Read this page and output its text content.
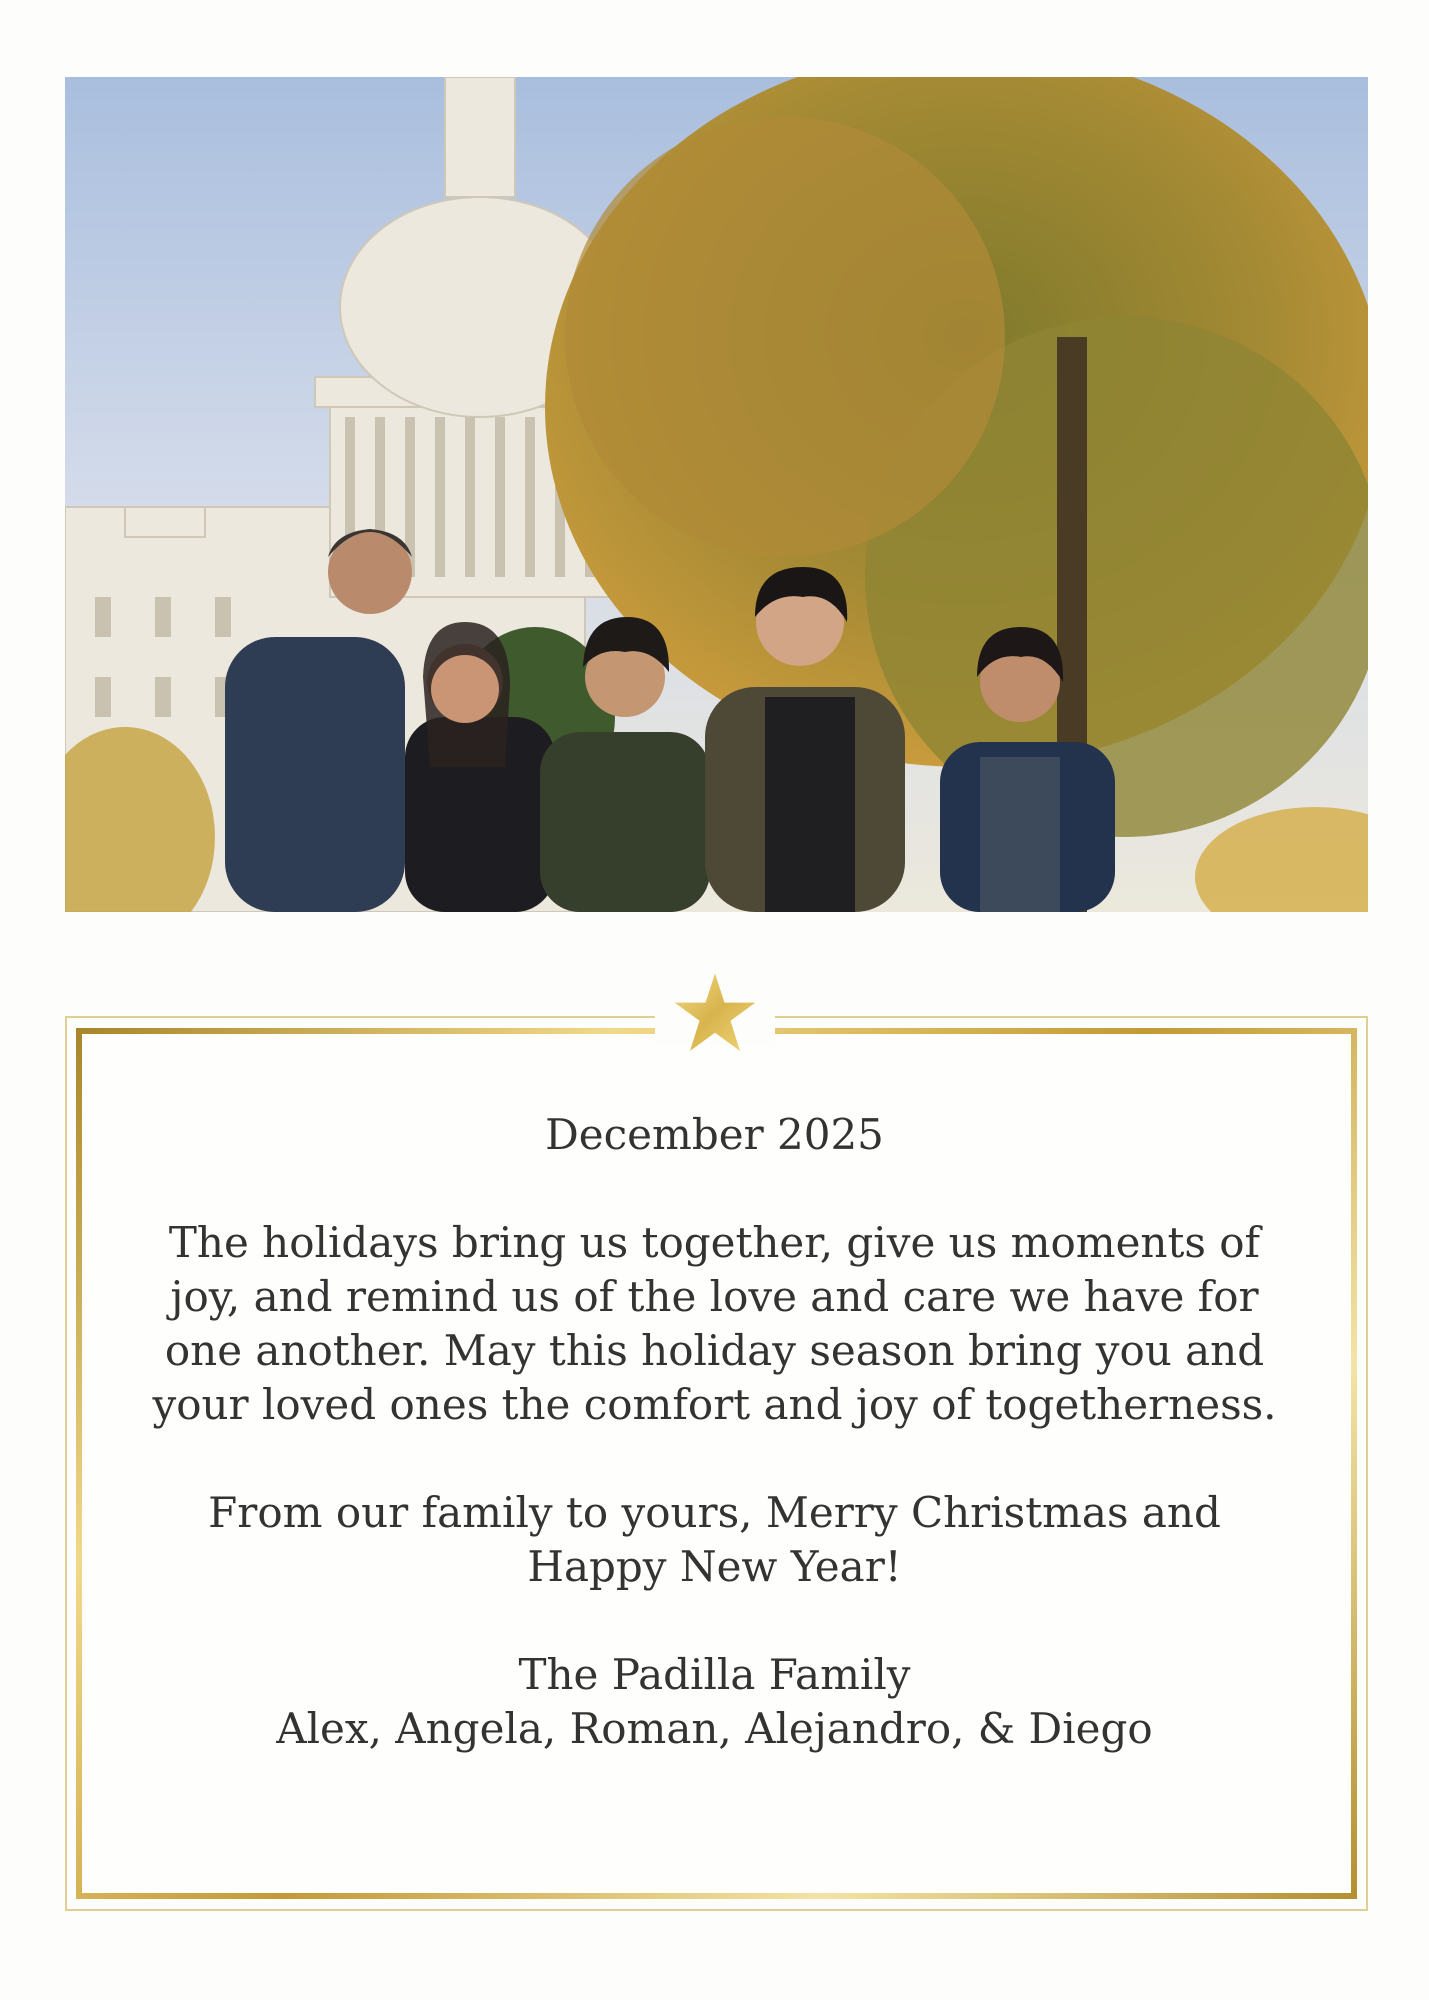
December 2025

The holidays bring us together, give us moments of joy, and remind us of the love and care we have for one another. May this holiday season bring you and your loved ones the comfort and joy of togetherness.

From our family to yours, Merry Christmas and Happy New Year!

The Padilla Family

Alex, Angela, Roman, Alejandro, & Diego
